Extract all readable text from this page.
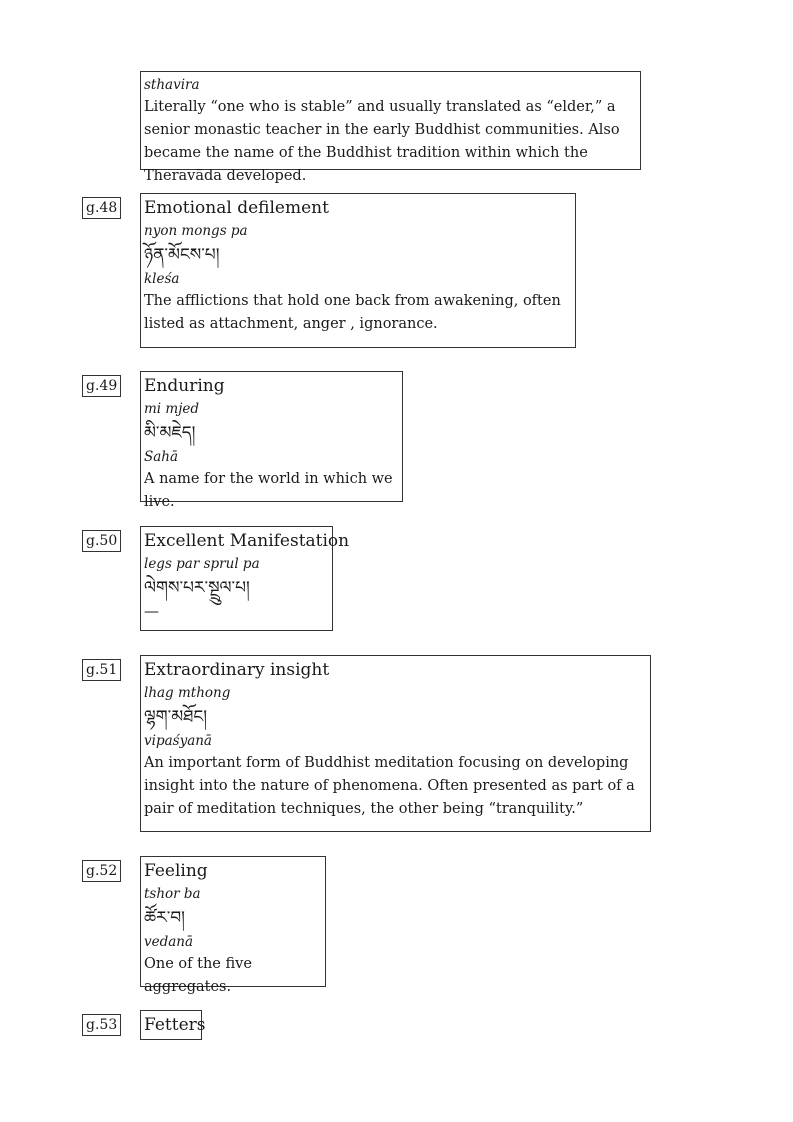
sthavira
Literally “one who is stable” and usually translated as “elder,” a senior monastic teacher in the early Buddhist communities. Also became the name of the Buddhist tradition within which the Theravāda developed.
g.48 Emotional defilement
nyon mongs pa
ཉོན་མོངས་པ།
kleśa
The afflictions that hold one back from awakening, often listed as attachment, anger , ignorance.
g.49 Enduring
mi mjed
མི་མཇེད།
Sahā
A name for the world in which we live.
g.50 Excellent Manifestation
legs par sprul pa
ལེགས་པར་སྔྲུལ་པ།
—
g.51 Extraordinary insight
lhag mthong
ལྷག་མཐོང།
vipaśyanā
An important form of Buddhist meditation focusing on developing insight into the nature of phenomena. Often presented as part of a pair of meditation techniques, the other being “tranquility.”
g.52 Feeling
tshor ba
ཚོར་བ།
vedanā
One of the five aggregates.
g.53 Fetters
